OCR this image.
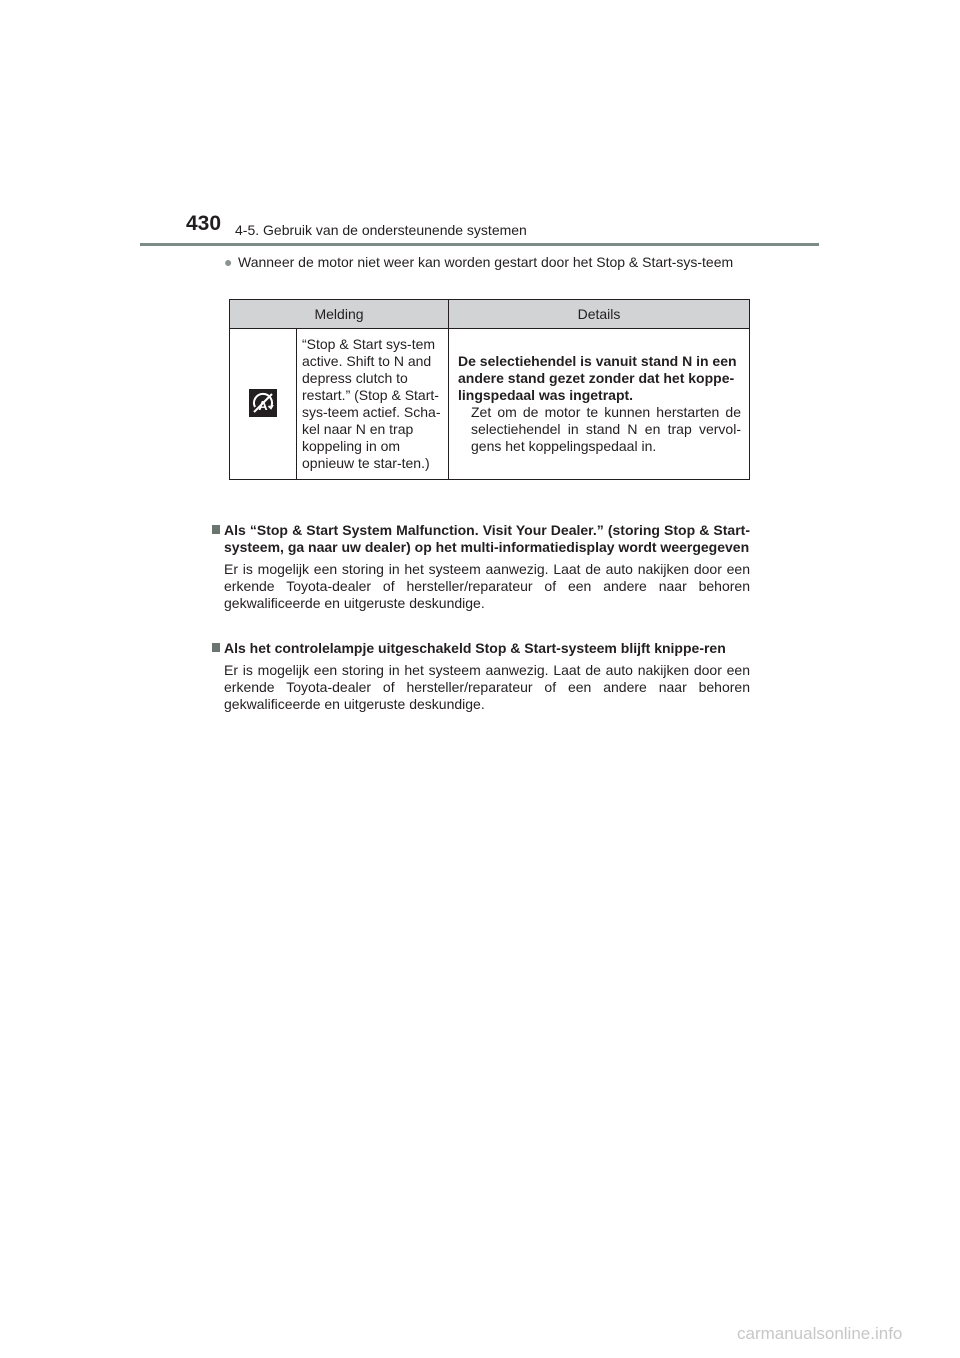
430 4-5. Gebruik van de ondersteunende systemen
● Wanneer de motor niet weer kan worden gestart door het Stop & Start-sys-teem
Melding		Details

A	“Stop & Start sys-tem active. Shift to N and depress clutch to restart.” (Stop & Start-sys-teem actief. Scha-kel naar N en trap koppeling in om opnieuw te star-ten.)	De selectiehendel is vanuit stand N in een andere stand gezet zonder dat het koppe-lingspedaal was ingetrapt.
Zet om de motor te kunnen herstarten de selectiehendel in stand N en trap vervol-gens het koppelingspedaal in.
Als “Stop & Start System Malfunction. Visit Your Dealer.” (storing Stop & Start-systeem, ga naar uw dealer) op het multi-informatiedisplay wordt weergegeven
Er is mogelijk een storing in het systeem aanwezig. Laat de auto nakijken door een erkende Toyota-dealer of hersteller/reparateur of een andere naar behoren gekwalificeerde en uitgeruste deskundige.
Als het controlelampje uitgeschakeld Stop & Start-systeem blijft knippe-ren
Er is mogelijk een storing in het systeem aanwezig. Laat de auto nakijken door een erkende Toyota-dealer of hersteller/reparateur of een andere naar behoren gekwalificeerde en uitgeruste deskundige.
carmanualsonline.info
